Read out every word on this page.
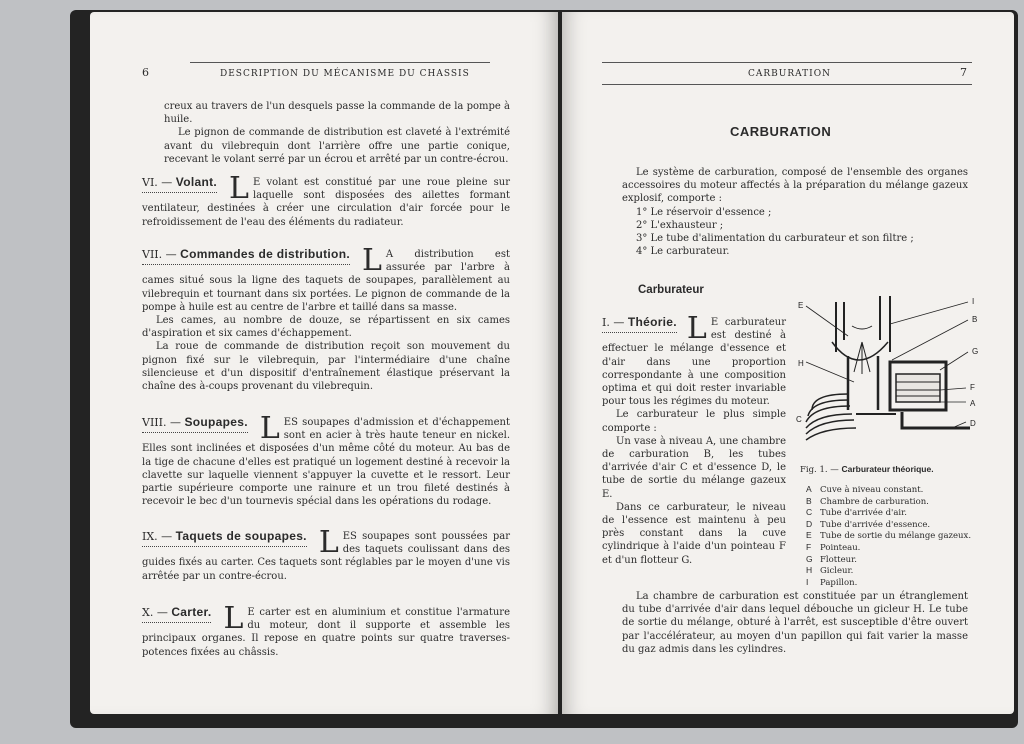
6	DESCRIPTION DU MÉCANISME DU CHASSIS

creux au travers de l'un desquels passe la commande de la pompe à huile.

Le pignon de commande de distribution est claveté à l'extrémité avant du vilebrequin dont l'arrière offre une partie conique, recevant le volant serré par un écrou et arrêté par un contre-écrou.

VI. — Volant. L E volant est constitué par une roue pleine sur laquelle sont disposées des ailettes formant ventilateur, destinées à créer une circulation d'air forcée pour le refroidissement de l'eau des éléments du radiateur.
VII. — Commandes de distribution. L A distribution est assurée par l'arbre à cames situé sous la ligne des taquets de soupapes, parallèlement au vilebrequin et tournant dans six portées. Le pignon de commande de la pompe à huile est au centre de l'arbre et taillé dans sa masse.

Les cames, au nombre de douze, se répartissent en six cames d'aspiration et six cames d'échappement.

La roue de commande de distribution reçoit son mouvement du pignon fixé sur le vilebrequin, par l'intermédiaire d'une chaîne silencieuse et d'un dispositif d'entraînement élastique préservant la chaîne des à-coups provenant du vilebrequin.

VIII. — Soupapes. L ES soupapes d'admission et d'échappement sont en acier à très haute teneur en nickel. Elles sont inclinées et disposées d'un même côté du moteur. Au bas de la tige de chacune d'elles est pratiqué un logement destiné à recevoir la clavette sur laquelle viennent s'appuyer la cuvette et le ressort. Leur partie supérieure comporte une rainure et un trou fileté destinés à recevoir le bec d'un tournevis spécial dans les opérations du rodage.
IX. — Taquets de soupapes. L ES soupapes sont poussées par des taquets coulissant dans des guides fixés au carter. Ces taquets sont réglables par le moyen d'une vis arrêtée par un contre-écrou.
X. — Carter. L E carter est en aluminium et constitue l'armature du moteur, dont il supporte et assemble les principaux organes. Il repose en quatre points sur quatre traverses-potences fixées au châssis.
CARBURATION	7
CARBURATION

Le système de carburation, composé de l'ensemble des organes accessoires du moteur affectés à la préparation du mélange gazeux explosif, comporte :

1° Le réservoir d'essence ;

2° L'exhausteur ;

3° Le tube d'alimentation du carburateur et son filtre ;

4° Le carburateur.

Carburateur
I. — Théorie. L E carburateur est destiné à effectuer le mélange d'essence et d'air dans une proportion correspondante à une composition optima et qui doit rester invariable pour tous les régimes du moteur.

Le carburateur le plus simple comporte :

Un vase à niveau A, une chambre de carburation B, les tubes d'arrivée d'air C et d'essence D, le tube de sortie du mélange gazeux E.

Dans ce carburateur, le niveau de l'essence est maintenu à peu près constant dans la cuve cylindrique à l'aide d'un pointeau F et d'un flotteur G.

E	I
B
G
H
F
A
D
C
Fig. 1. — Carburateur théorique.
A Cuve à niveau constant.
B Chambre de carburation.
C Tube d'arrivée d'air.
D Tube d'arrivée d'essence.
E Tube de sortie du mélange gazeux.
F Pointeau.
G Flotteur.
H Gicleur.
I Papillon.

La chambre de carburation est constituée par un étranglement du tube d'arrivée d'air dans lequel débouche un gicleur H. Le tube de sortie du mélange, obturé à l'arrêt, est susceptible d'être ouvert par l'accélérateur, au moyen d'un papillon qui fait varier la masse du gaz admis dans les cylindres.
